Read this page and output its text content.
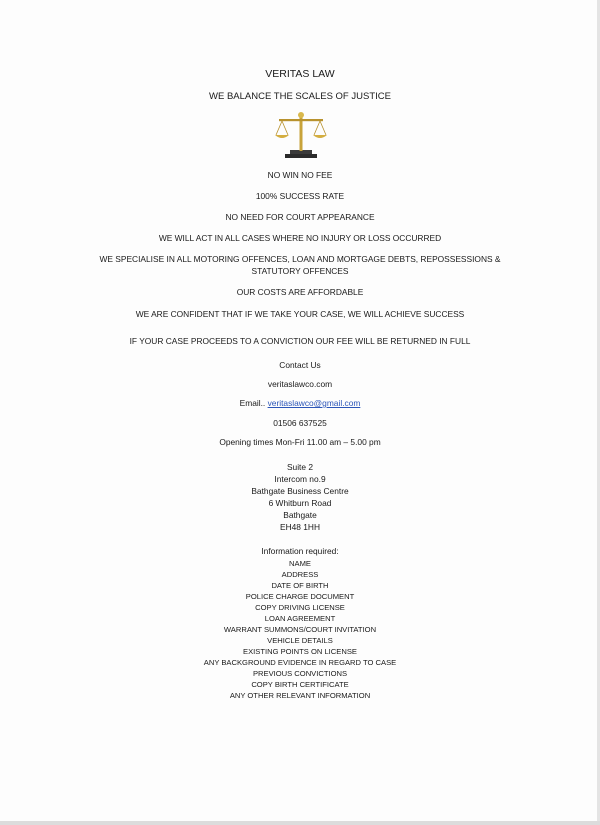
VERITAS LAW
WE BALANCE THE SCALES OF JUSTICE
NO WIN NO FEE
100% SUCCESS RATE
NO NEED FOR COURT APPEARANCE
WE WILL ACT IN ALL CASES WHERE NO INJURY OR LOSS OCCURRED
WE SPECIALISE IN ALL MOTORING OFFENCES, LOAN AND MORTGAGE DEBTS, REPOSSESSIONS &
STATUTORY OFFENCES
OUR COSTS ARE AFFORDABLE
WE ARE CONFIDENT THAT IF WE TAKE YOUR CASE, WE WILL ACHIEVE SUCCESS
IF YOUR CASE PROCEEDS TO A CONVICTION OUR FEE WILL BE RETURNED IN FULL
Contact Us
veritaslawco.com
Email.. veritaslawco@gmail.com
01506 637525
Opening times Mon-Fri 11.00 am – 5.00 pm
Suite 2
Intercom no.9
Bathgate Business Centre
6 Whitburn Road
Bathgate
EH48 1HH
Information required:
NAME
ADDRESS
DATE OF BIRTH
POLICE CHARGE DOCUMENT
COPY DRIVING LICENSE
LOAN AGREEMENT
WARRANT SUMMONS/COURT INVITATION
VEHICLE DETAILS
EXISTING POINTS ON LICENSE
ANY BACKGROUND EVIDENCE IN REGARD TO CASE
PREVIOUS CONVICTIONS
COPY BIRTH CERTIFICATE
ANY OTHER RELEVANT INFORMATION
